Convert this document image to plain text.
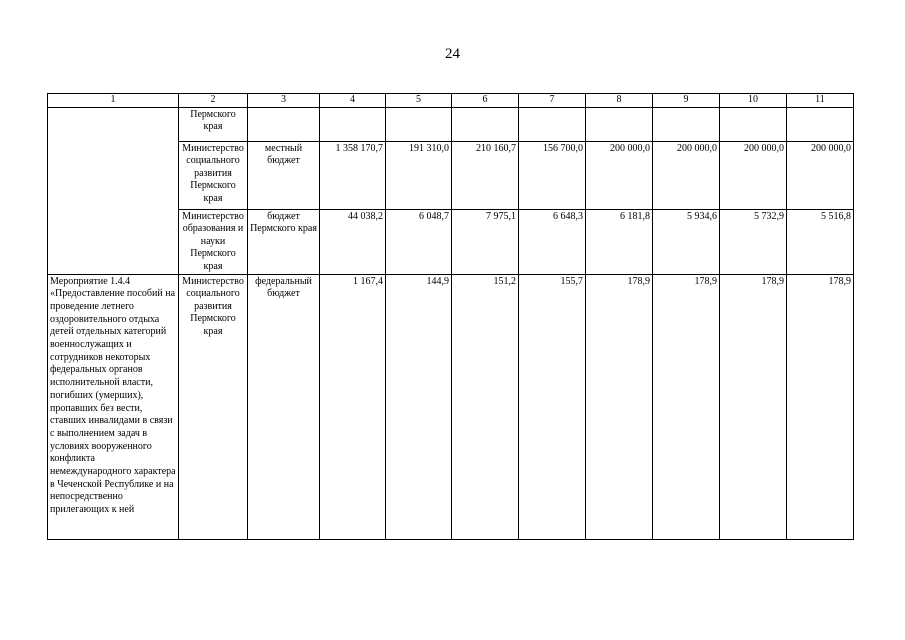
24
1	2	3	4	5	6	7	8	9	10	11
	Пермского края									
	Министерство социального развития Пермского края	местный бюджет	1 358 170,7	191 310,0	210 160,7	156 700,0	200 000,0	200 000,0	200 000,0	200 000,0
	Министерство образования и науки Пермского края	бюджет Пермского края	44 038,2	6 048,7	7 975,1	6 648,3	6 181,8	5 934,6	5 732,9	5 516,8
Мероприятие 1.4.4 «Предоставление пособий на проведение летнего оздоровительного отдыха детей отдельных категорий военнослужащих и сотрудников некоторых федеральных органов исполнительной власти, погибших (умерших), пропавших без вести, ставших инвалидами в связи с выполнением задач в условиях вооруженного конфликта немеждународного характера в Чеченской Республике и на непосредственно прилегающих к ней	Министерство социального развития Пермского края	федеральный бюджет	1 167,4	144,9	151,2	155,7	178,9	178,9	178,9	178,9
